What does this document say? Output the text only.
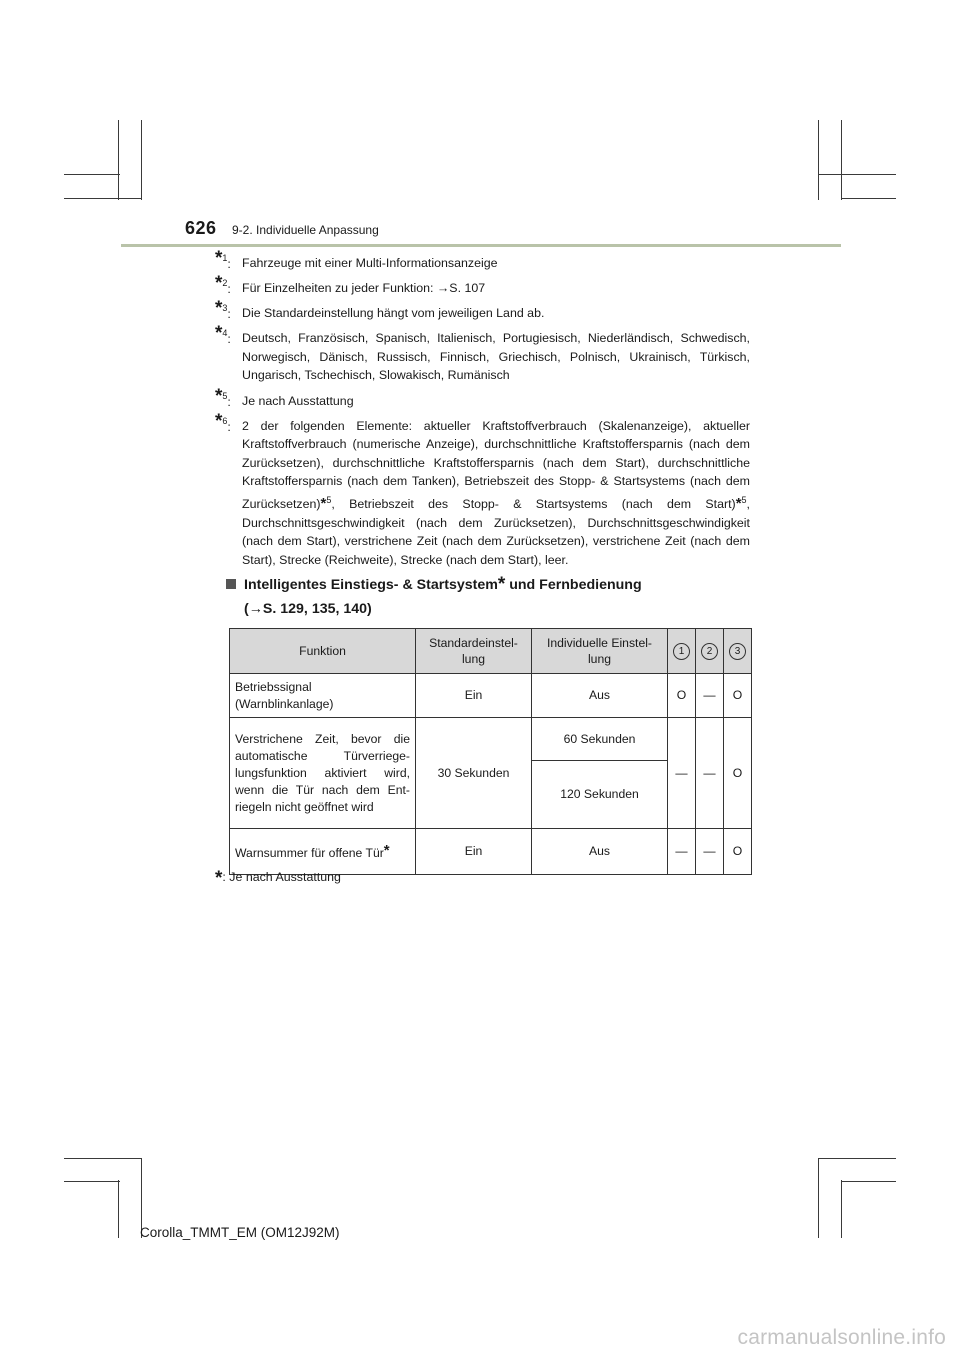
626 9-2. Individuelle Anpassung
*$^1$: Fahrzeuge mit einer Multi-Informationsanzeige
*$^2$: Für Einzelheiten zu jeder Funktion: →S. 107
*$^3$: Die Standardeinstellung hängt vom jeweiligen Land ab.
*$^4$: Deutsch, Französisch, Spanisch, Italienisch, Portugiesisch, Niederländisch, Schwedisch, Norwegisch, Dänisch, Russisch, Finnisch, Griechisch, Polnisch, Ukrainisch, Türkisch, Ungarisch, Tschechisch, Slowakisch, Rumänisch
*$^5$: Je nach Ausstattung
*$^6$: 2 der folgenden Elemente: aktueller Kraftstoffverbrauch (Skalenanzeige), aktueller Kraftstoffverbrauch (numerische Anzeige), durchschnittliche Kraftstoffersparnis (nach dem Zurücksetzen), durchschnittliche Kraftstoffersparnis (nach dem Start), durchschnittliche Kraftstoffersparnis (nach dem Tanken), Betriebszeit des Stopp- & Startsystems (nach dem Zurücksetzen)*$^5$, Betriebszeit des Stopp- & Startsystems (nach dem Start)*$^5$, Durchschnittsgeschwindigkeit (nach dem Zurücksetzen), Durchschnittsgeschwindigkeit (nach dem Start), verstrichene Zeit (nach dem Zurücksetzen), verstrichene Zeit (nach dem Start), Strecke (Reichweite), Strecke (nach dem Start), leer.
Intelligentes Einstiegs- & Startsystem* und Fernbedienung
(→S. 129, 135, 140)
Funktion	Standardeinstel-lung	Individuelle Einstel-lung	1	2	3
Betriebssignal (Warnblinkanlage)	Ein	Aus	O	—	O
Verstrichene Zeit, bevor die automatische Türverriege-lungsfunktion aktiviert wird, wenn die Tür nach dem Ent-riegeln nicht geöffnet wird	30 Sekunden	60 Sekunden	—	—	O
		120 Sekunden			
Warnsummer für offene Tür*	Ein	Aus	—	—	O
*: Je nach Ausstattung
Corolla_TMMT_EM (OM12J92M)
carmanualsonline.info
